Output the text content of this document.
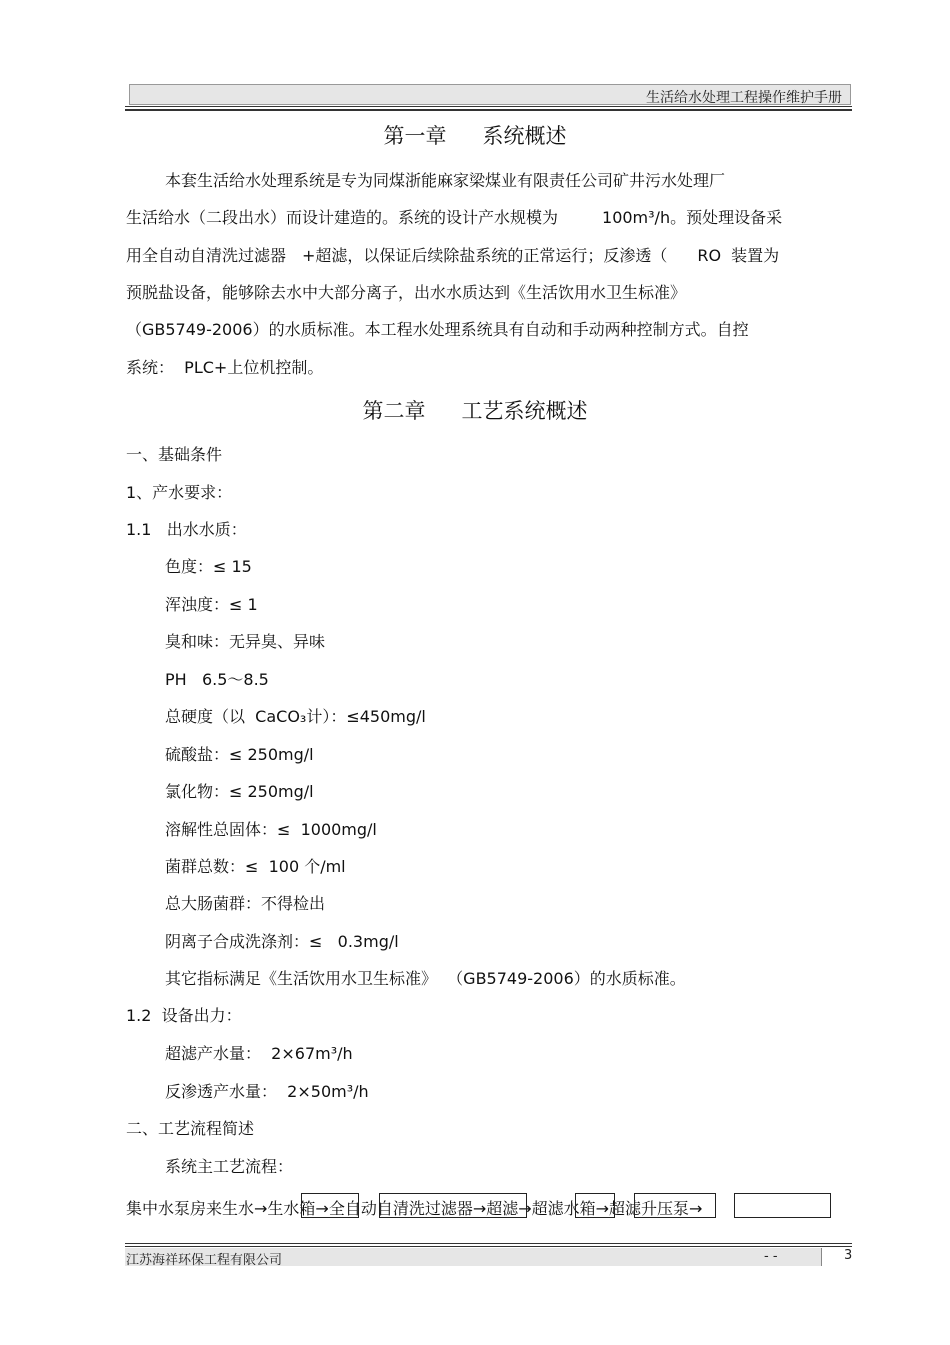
生活给水处理工程操作维护手册
第一章 系统概述
本套生活给水处理系统是专为同煤浙能麻家梁煤业有限责任公司矿井污水处理厂
生活给水（二段出水）而设计建造的。系统的设计产水规模为	100m³/h。预处理设备采
用全自动自清洗过滤器　+超滤，以保证后续除盐系统的正常运行；反渗透（ RO 装置为
预脱盐设备，能够除去水中大部分离子，出水水质达到《生活饮用水卫生标准》
（GB5749-2006）的水质标准。本工程水处理系统具有自动和手动两种控制方式。自控
系统：  PLC+上位机控制。
第二章 工艺系统概述
一、基础条件
1、产水要求：
1.1   出水水质：
色度：≤ 15
浑浊度：≤ 1
臭和味：无异臭、异味
PH   6.5～8.5
总硬度（以  CaCO₃计）：≤450mg/l
硫酸盐：≤ 250mg/l
氯化物：≤ 250mg/l
溶解性总固体：≤  1000mg/l
菌群总数：≤  100 个/ml
总大肠菌群：不得检出
阴离子合成洗涤剂：≤   0.3mg/l
其它指标满足《生活饮用水卫生标准》  （GB5749-2006）的水质标准。
1.2  设备出力：
超滤产水量：  2×67m³/h
反渗透产水量：  2×50m³/h
二、工艺流程简述
系统主工艺流程：
集中水泵房来生水→生水箱→全自动自清洗过滤器→超滤→超滤水箱→超滤升压泵→
江苏海祥环保工程有限公司	- -	3
